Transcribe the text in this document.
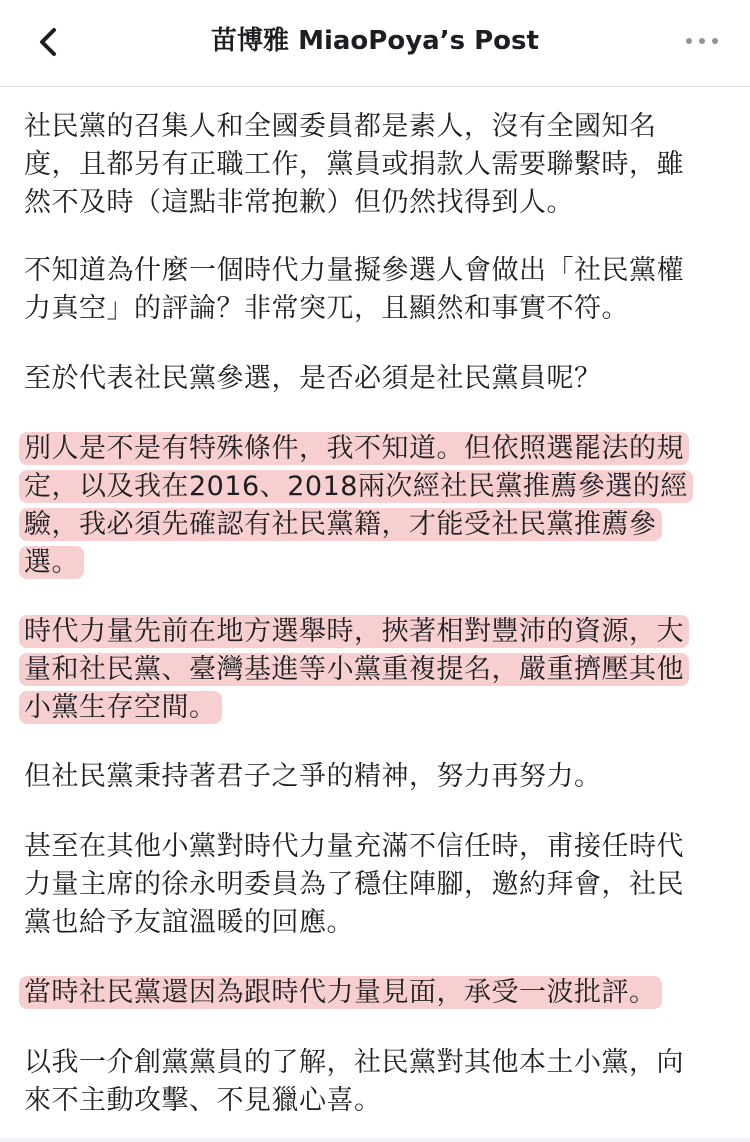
苗博雅 MiaoPoya’s Post

社民黨的召集人和全國委員都是素人，沒有全國知名
度，且都另有正職工作，黨員或捐款人需要聯繫時，雖
然不及時（這點非常抱歉）但仍然找得到人。

不知道為什麼一個時代力量擬參選人會做出「社民黨權
力真空」的評論？非常突兀，且顯然和事實不符。

至於代表社民黨參選，是否必須是社民黨員呢？

別人是不是有特殊條件，我不知道。但依照選罷法的規
定，以及我在2016、2018兩次經社民黨推薦參選的經
驗，我必須先確認有社民黨籍，才能受社民黨推薦參
選。

時代力量先前在地方選舉時，挾著相對豐沛的資源，大
量和社民黨、臺灣基進等小黨重複提名，嚴重擠壓其他
小黨生存空間。

但社民黨秉持著君子之爭的精神，努力再努力。

甚至在其他小黨對時代力量充滿不信任時，甫接任時代
力量主席的徐永明委員為了穩住陣腳，邀約拜會，社民
黨也給予友誼溫暖的回應。

當時社民黨還因為跟時代力量見面，承受一波批評。

以我一介創黨黨員的了解，社民黨對其他本土小黨，向
來不主動攻擊、不見獵心喜。
